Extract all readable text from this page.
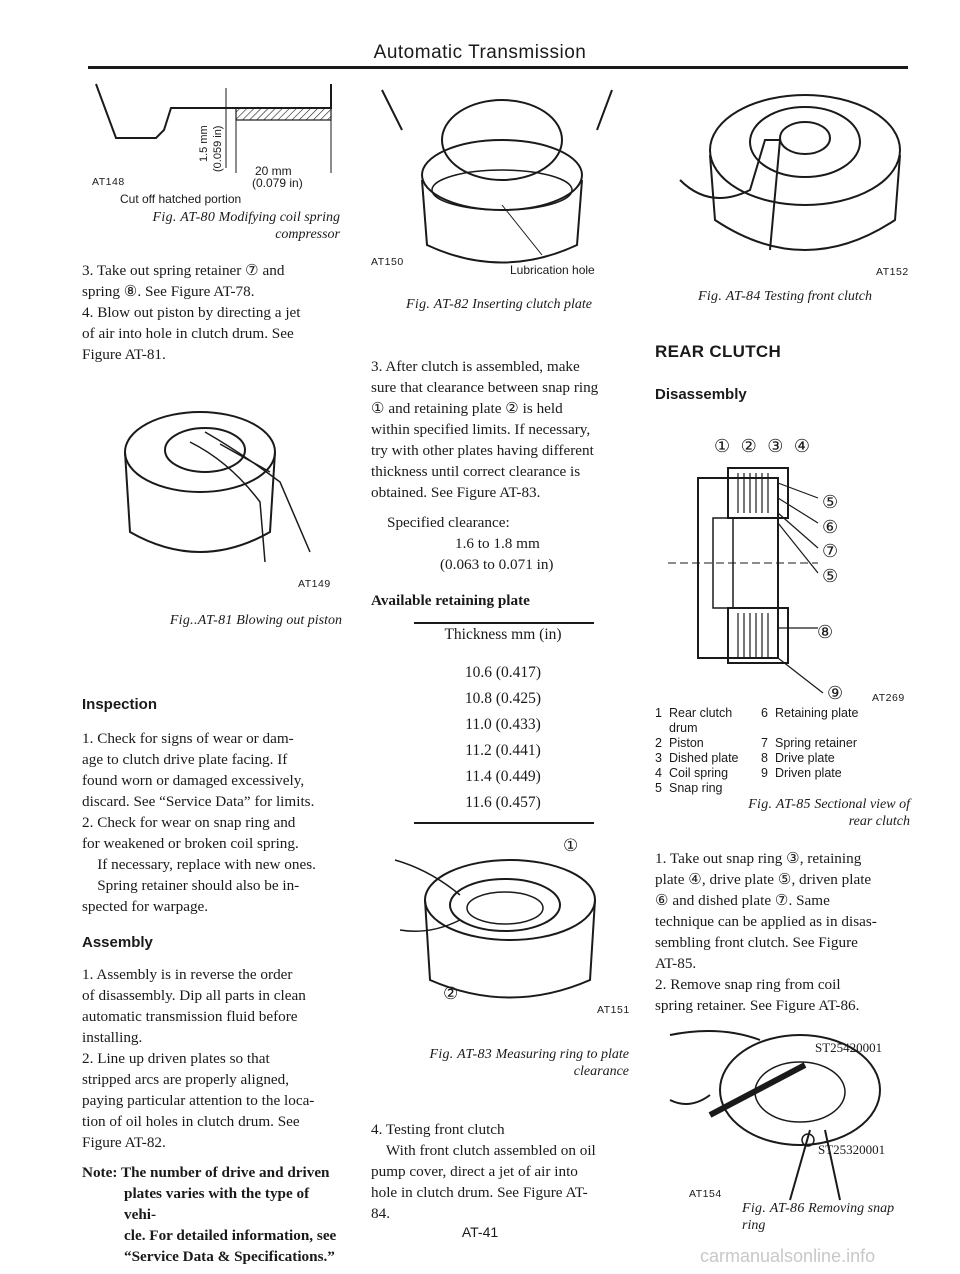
Automatic Transmission
AT148
1.5 mm (0.059 in)	20 mm
(0.079 in)
Cut off hatched portion
Fig. AT-80 Modifying coil spring
compressor
3. Take out spring retainer ⑦ and
spring ⑧. See Figure AT-78.
4. Blow out piston by directing a jet
of air into hole in clutch drum. See
Figure AT-81.
AT149
Fig..AT-81 Blowing out piston
Inspection
1. Check for signs of wear or dam-
age to clutch drive plate facing. If
found worn or damaged excessively,
discard. See “Service Data” for limits.
2. Check for wear on snap ring and
for weakened or broken coil spring.
If necessary, replace with new ones.
Spring retainer should also be in-
spected for warpage.
Assembly
1. Assembly is in reverse the order
of disassembly. Dip all parts in clean
automatic transmission fluid before
installing.
2. Line up driven plates so that
stripped arcs are properly aligned,
paying particular attention to the loca-
tion of oil holes in clutch drum. See
Figure AT-82.
Note: The number of drive and driven
plates varies with the type of vehi-
cle. For detailed information, see
“Service Data & Specifications.”
AT150
Lubrication hole
Fig. AT-82 Inserting clutch plate
3. After clutch is assembled, make
sure that clearance between snap ring
① and retaining plate ② is held
within specified limits. If necessary,
try with other plates having different
thickness until correct clearance is
obtained. See Figure AT-83.
Specified clearance:
1.6 to 1.8 mm
(0.063 to 0.071 in)
Available retaining plate
Thickness mm (in)
10.6 (0.417)
10.8 (0.425)
11.0 (0.433)
11.2 (0.441)
11.4 (0.449)
11.6 (0.457)
①
②
AT151
Fig. AT-83 Measuring ring to plate
clearance
4. Testing front clutch
With front clutch assembled on oil
pump cover, direct a jet of air into
hole in clutch drum. See Figure AT-
84.
AT152
Fig. AT-84 Testing front clutch
REAR CLUTCH
Disassembly
① ② ③ ④
⑤
⑥
⑦
⑤
⑧
⑨	AT269
1 Rear clutch drum
6 Retaining plate
2 Piston	7 Spring retainer
3 Dished plate	8 Drive plate
4 Coil spring	9 Driven plate
5 Snap ring
Fig. AT-85 Sectional view of
rear clutch
1. Take out snap ring ③, retaining
plate ④, drive plate ⑤, driven plate
⑥ and dished plate ⑦. Same
technique can be applied as in disas-
sembling front clutch. See Figure
AT-85.
2. Remove snap ring from coil
spring retainer. See Figure AT-86.
ST25420001
ST25320001
AT154
Fig. AT-86 Removing snap ring
AT-41
carmanualsonline.info
